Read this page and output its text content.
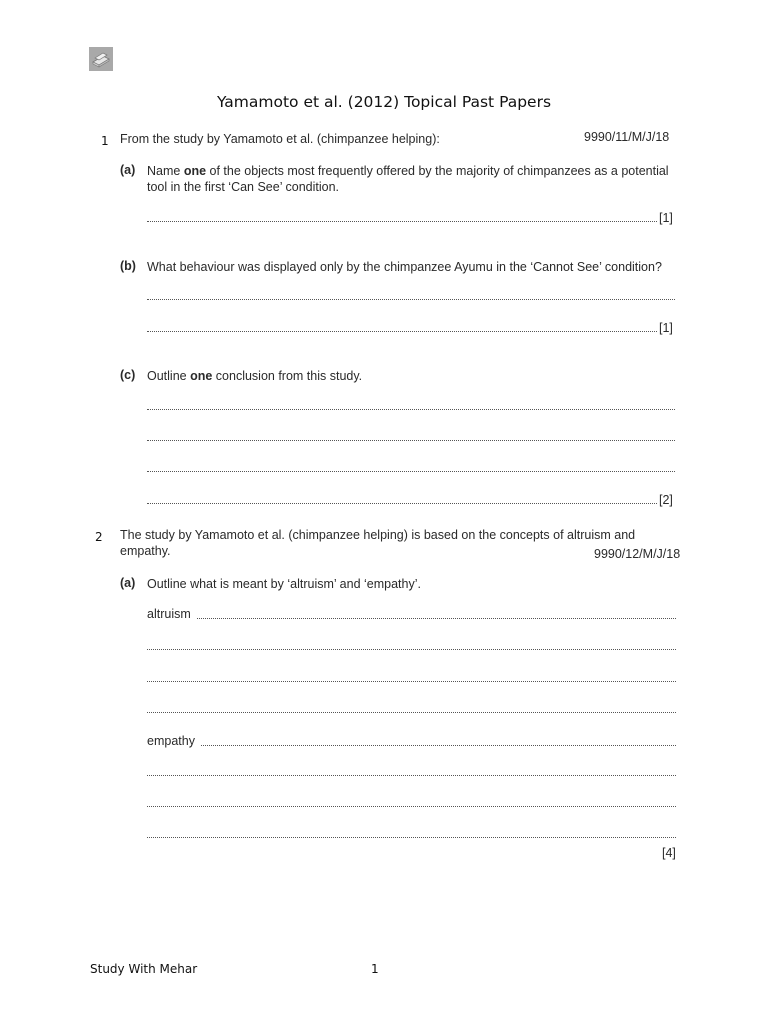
Yamamoto et al. (2012) Topical Past Papers
1 From the study by Yamamoto et al. (chimpanzee helping):	9990/11/M/J/18
(a) Name one of the objects most frequently offered by the majority of chimpanzees as a potential
tool in the first ‘Can See’ condition.
[1]
(b) What behaviour was displayed only by the chimpanzee Ayumu in the ‘Cannot See’ condition?
[1]
(c) Outline one conclusion from this study.
[2]
2 The study by Yamamoto et al. (chimpanzee helping) is based on the concepts of altruism and
empathy.	9990/12/M/J/18
(a) Outline what is meant by ‘altruism’ and ‘empathy’.
altruism
empathy
[4]
Study With Mehar	1
